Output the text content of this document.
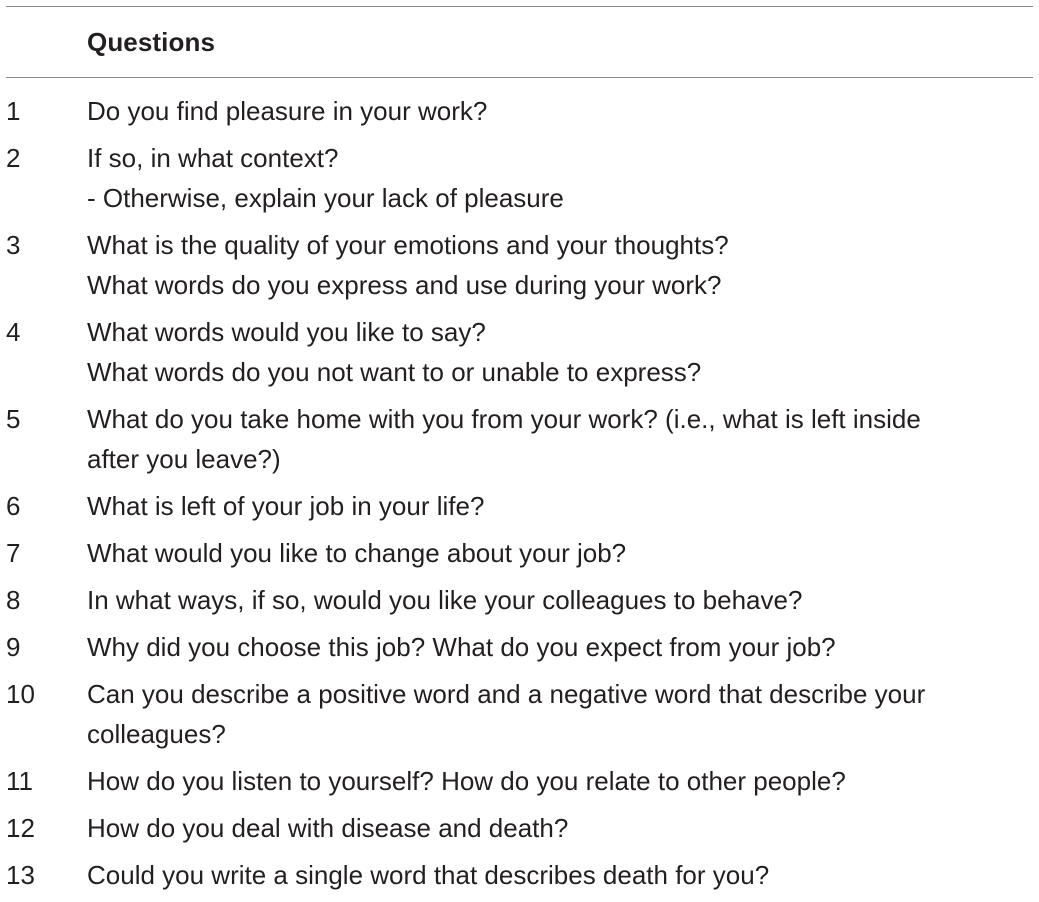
Questions
1	Do you find pleasure in your work?
2	If so, in what context?
- Otherwise, explain your lack of pleasure
3	What is the quality of your emotions and your thoughts?
What words do you express and use during your work?
4	What words would you like to say?
What words do you not want to or unable to express?
5	What do you take home with you from your work? (i.e., what is left inside
after you leave?)
6	What is left of your job in your life?
7	What would you like to change about your job?
8	In what ways, if so, would you like your colleagues to behave?
9	Why did you choose this job? What do you expect from your job?
10	Can you describe a positive word and a negative word that describe your
colleagues?
11	How do you listen to yourself? How do you relate to other people?
12	How do you deal with disease and death?
13	Could you write a single word that describes death for you?
